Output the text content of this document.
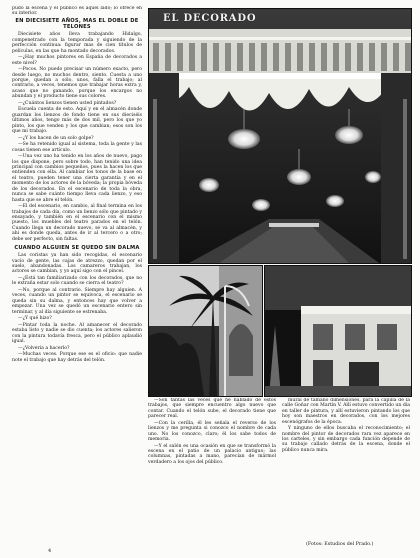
pudo la escena y el público es aquel lado; lo ofrece en su interior.

EN DIECISIETE AÑOS, MAS EL DOBLE DE TELONES

Diecisiete años lleva trabajando Hidalgo, compenetrado con la temporada y siguiendo de la perfección continua: figurar mas de cien títulos de películas, en las que ha montado decorados.

—¿Hay muchos pintores en España de decorados a este nivel?

—Pocos. No puedo precisar un número exacto, pero desde luego, no muchos dentro, siento. Cuesta a uno porque, quedan a sólo, unos, falla el trabajo; al contrario, a veces, tenemos que trabajar horas extra y, acaso que no ganando, porque los encargos no abundan y el producto tiene sus colores.

—¿Cuántos lienzos tienen usted pintados?

Escuela cuenta de esto. Aquí y en el almacén donde guardan los lienzos de fondo tiene en sus dieciséis últimos años, tengo más de dos mil, pero los que yo pinto, los que venden y los que cambian; esos son los que mi trabajo.

—¿Y los hacen de un solo golpe?

—Se ha retenido igual al sistema, toda la gente y las cosas tienen ese artículo.

—Una vez uno ha tenido en los años de nuevo, pago los que dispone, pero sobre todo, han tenido una idea principal con cambios pequeños, pues la hacen los que entienden con ella. Al cambiar los tonos de la base en el teatro, pueden tener una cierta garantía y en el momento de los actores de la bóveda; la propia bóveda de los decorados. En el escenario de toda la obra, nunca se sabe cuánto tiempo lleva cada lienzo, y eso hasta que se abre el telón.

—El del escenario, en cambio, al final termina en los trabajos de cada día, como un lienzo sólo que pintado y ensayado, y también en el escenario con el mismo puesto, los muebles del teatro parados en el telón. Cuando llega un decorado nuevo, se va al almacén, y ahí es donde queda, antes de ir al tercero o a otro; debe ser perfecto, sin faltas.

CUANDO ALGUIEN SE QUEDO SIN DALMA

Las coristas ya han sido recogidas, el escenario vacío de gente, las cajas de atrezzo, quedan por el suelo, abandonadas. Los camareros trabajan, los actores se cambian, y yo aquí sigo con el pincel.

—¿Está tan familiarizado con los decorados, que no le extraña estar solo cuando se cierra el teatro?

—No, porque al contrario. Siempre hay alguien. A veces, cuando un pintor se equivoca, el escenario se queda sin su dalma, y entonces hay que volver a empezar. Una vez se quedó un escenario entero sin terminar, y al día siguiente se estrenaba.

—¿Y qué hizo?

—Pintar toda la noche. Al amanecer el decorado estaba listo y nadie se dio cuenta; los actores salieron con la pintura todavía fresca, pero el público aplaudió igual.

—¿Volvería a hacerlo?

—Muchas veces. Porque ese es el oficio: que nadie note el trabajo que hay detrás del telón.

EL DECORADO

—Son tantas las veces que he hablado de estos trabajos, que siempre encuentro algo nuevo que contar. Cuando el telón sube, el decorado tiene que parecer real.

—Con la cerilla, él les señala el reverso de los lienzos y me pregunta si conozco el nombre de cada uno. No los conozco, claro; él los sabe todos de memoria.

—Y el salón es una ocasión en que se transformó la escena en el patio de un palacio antiguo; las columnas, pintadas a mano, parecían de mármol verdadero a los ojos del público.

mural de tamaño dimensiones, para la capilla de la calle Goñar con Martín V. Allí estuvo convertido un día en taller de pintura, y allí estuvieron pintando los que hoy son maestros en decorados, con los mejores escenógrafos de la época.

Y ninguno de ellos buscaba el reconocimiento; el nombre del pintor de decorados rara vez aparece en los carteles, y sin embargo cada función depende de su trabajo callado detrás de la escena, donde el público nunca mira.

(Fotos: Estudios del Prado.)
4
